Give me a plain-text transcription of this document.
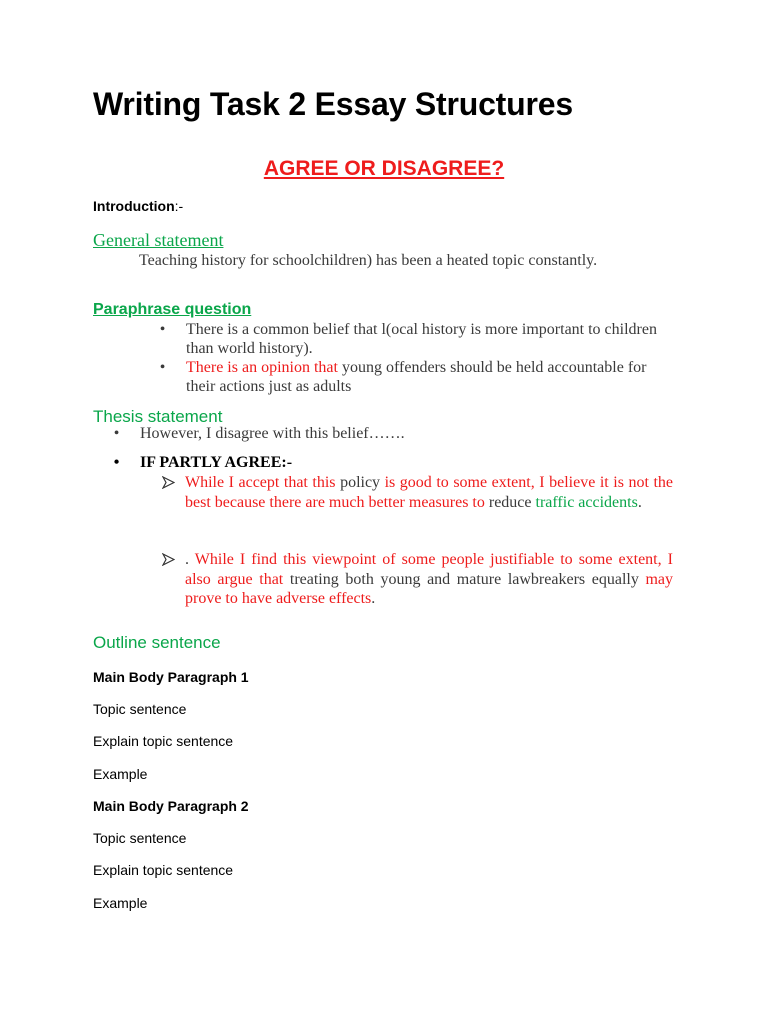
Writing Task 2 Essay Structures
AGREE OR DISAGREE?
Introduction:-
General statement
Teaching history for schoolchildren) has been a heated topic constantly.
Paraphrase question
•	There is a common belief that l(ocal history is more important to children than world history).
•	There is an opinion that young offenders should be held accountable for their actions just as adults
Thesis statement
•	However, I disagree with this belief…….
•	IF PARTLY AGREE:-
While I accept that this policy is good to some extent, I believe it is not the best because there are much better measures to reduce traffic accidents.
. While I find this viewpoint of some people justifiable to some extent, I also argue that treating both young and mature lawbreakers equally may prove to have adverse effects.
Outline sentence
Main Body Paragraph 1
Topic sentence
Explain topic sentence
Example
Main Body Paragraph 2
Topic sentence
Explain topic sentence
Example
